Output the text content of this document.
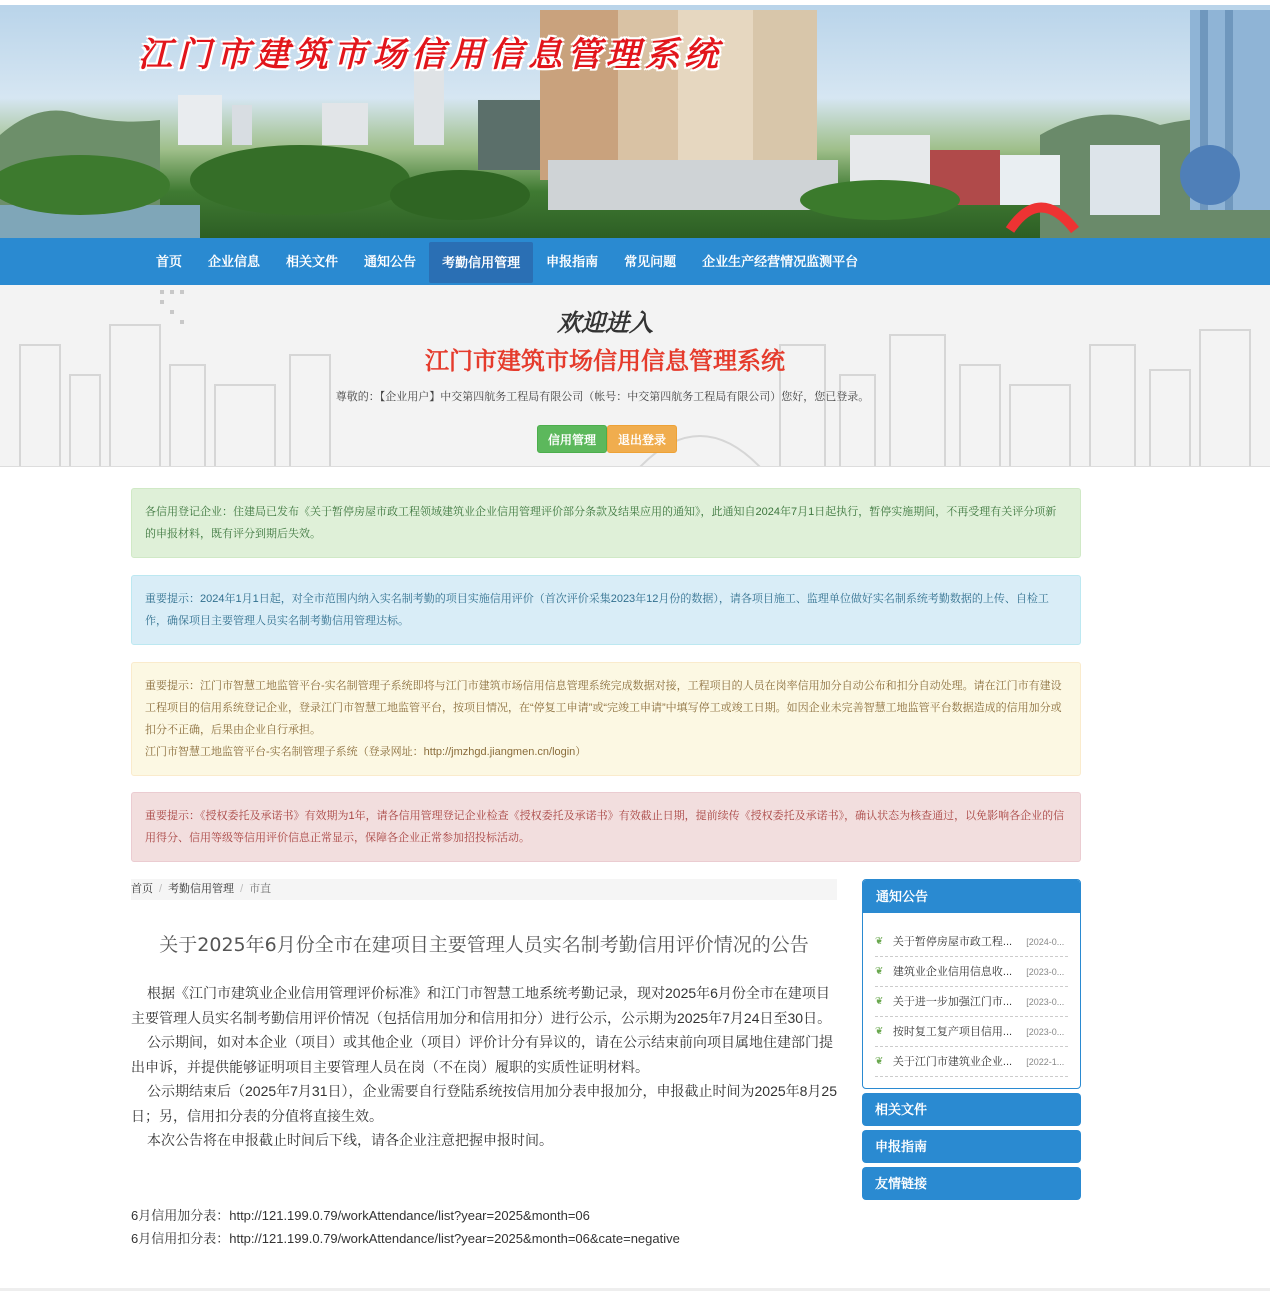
江门市建筑市场信用信息管理系统
首页	企业信息	相关文件	通知公告	考勤信用管理	申报指南	常见问题	企业生产经营情况监测平台
欢迎进入
江门市建筑市场信用信息管理系统
尊敬的：【企业用户】中交第四航务工程局有限公司（帐号：中交第四航务工程局有限公司）您好，您已登录。
信用管理	退出登录

各信用登记企业：住建局已发布《关于暂停房屋市政工程领域建筑业企业信用管理评价部分条款及结果应用的通知》，此通知自2024年7月1日起执行，暂停实施期间，不再受理有关评分项新的申报材料，既有评分到期后失效。

重要提示：2024年1月1日起，对全市范围内纳入实名制考勤的项目实施信用评价（首次评价采集2023年12月份的数据），请各项目施工、监理单位做好实名制系统考勤数据的上传、自检工作，确保项目主要管理人员实名制考勤信用管理达标。

重要提示：江门市智慧工地监管平台-实名制管理子系统即将与江门市建筑市场信用信息管理系统完成数据对接，工程项目的人员在岗率信用加分自动公布和扣分自动处理。请在江门市有建设工程项目的信用系统登记企业，登录江门市智慧工地监管平台，按项目情况，在“停复工申请”或“完竣工申请”中填写停工或竣工日期。如因企业未完善智慧工地监管平台数据造成的信用加分或扣分不正确，后果由企业自行承担。

江门市智慧工地监管平台-实名制管理子系统（登录网址：http://jmzhgd.jiangmen.cn/login）

重要提示：《授权委托及承诺书》有效期为1年，请各信用管理登记企业检查《授权委托及承诺书》有效截止日期，提前续传《授权委托及承诺书》，确认状态为核查通过，以免影响各企业的信用得分、信用等级等信用评价信息正常显示，保障各企业正常参加招投标活动。

首页 / 考勤信用管理 / 市直
关于2025年6月份全市在建项目主要管理人员实名制考勤信用评价情况的公告

根据《江门市建筑业企业信用管理评价标准》和江门市智慧工地系统考勤记录，现对2025年6月份全市在建项目主要管理人员实名制考勤信用评价情况（包括信用加分和信用扣分）进行公示，公示期为2025年7月24日至30日。

公示期间，如对本企业（项目）或其他企业（项目）评价计分有异议的，请在公示结束前向项目属地住建部门提出申诉，并提供能够证明项目主要管理人员在岗（不在岗）履职的实质性证明材料。

公示期结束后（2025年7月31日），企业需要自行登陆系统按信用加分表申报加分，申报截止时间为2025年8月25日；另，信用扣分表的分值将直接生效。

本次公告将在申报截止时间后下线，请各企业注意把握申报时间。

6月信用加分表：http://121.199.0.79/workAttendance/list?year=2025&month=06
6月信用扣分表：http://121.199.0.79/workAttendance/list?year=2025&month=06&cate=negative
通知公告
❦ 关于暂停房屋市政工程...	[2024-0...
❦ 建筑业企业信用信息收...	[2023-0...
❦ 关于进一步加强江门市...	[2023-0...
❦ 按时复工复产项目信用...	[2023-0...
❦ 关于江门市建筑业企业...	[2022-1...
相关文件
申报指南
友情链接
